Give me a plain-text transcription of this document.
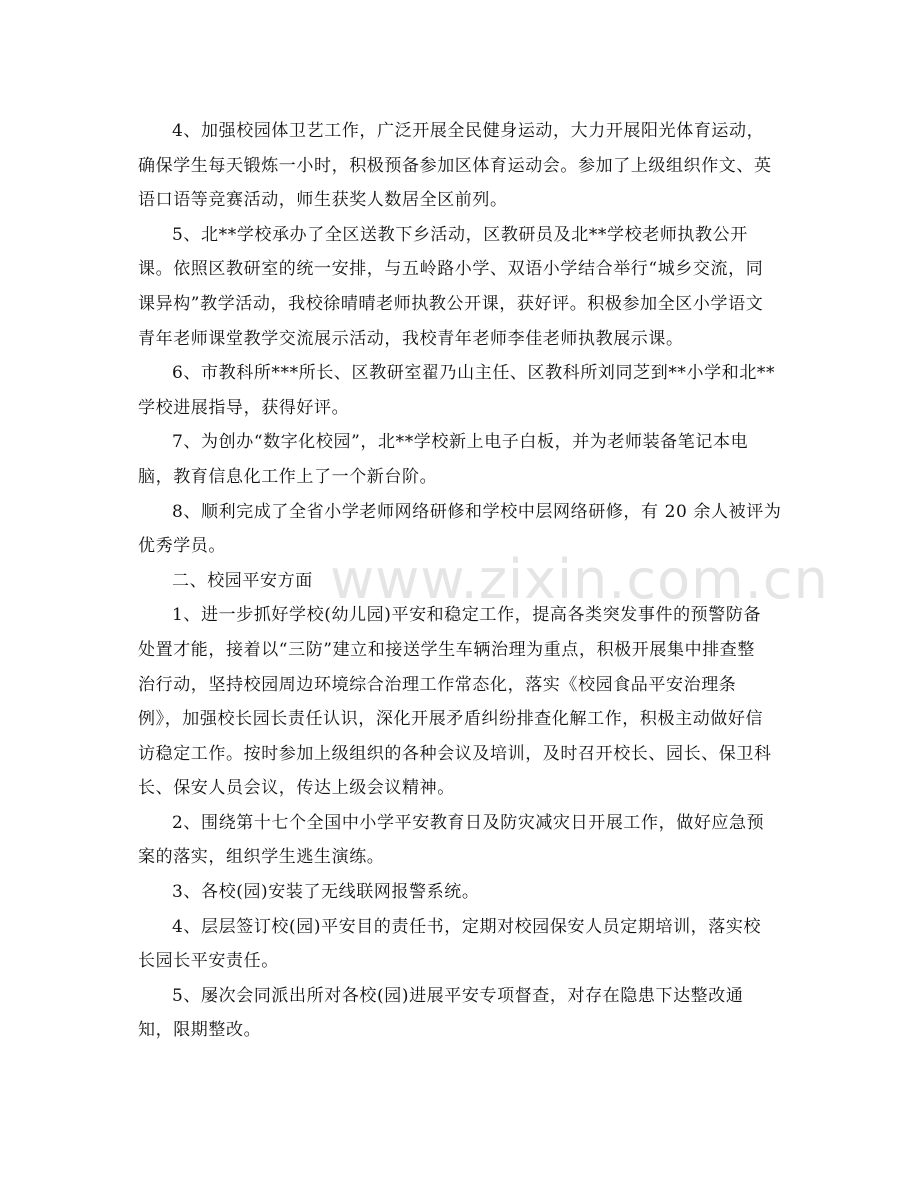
4、加强校园体卫艺工作，广泛开展全民健身运动，大力开展阳光体育运动，
确保学生每天锻炼一小时，积极预备参加区体育运动会。参加了上级组织作文、英
语口语等竞赛活动，师生获奖人数居全区前列。

5、北**学校承办了全区送教下乡活动，区教研员及北**学校老师执教公开
课。依照区教研室的统一安排，与五岭路小学、双语小学结合举行“城乡交流，同
课异构”教学活动，我校徐晴晴老师执教公开课，获好评。积极参加全区小学语文
青年老师课堂教学交流展示活动，我校青年老师李佳老师执教展示课。

6、市教科所***所长、区教研室翟乃山主任、区教科所刘同芝到**小学和北**
学校进展指导，获得好评。

7、为创办“数字化校园”，北**学校新上电子白板，并为老师装备笔记本电
脑，教育信息化工作上了一个新台阶。

8、顺利完成了全省小学老师网络研修和学校中层网络研修，有 20 余人被评为
优秀学员。

二、校园平安方面

1、进一步抓好学校(幼儿园)平安和稳定工作，提高各类突发事件的预警防备
处置才能，接着以“三防”建立和接送学生车辆治理为重点，积极开展集中排查整
治行动，坚持校园周边环境综合治理工作常态化，落实《校园食品平安治理条
例》，加强校长园长责任认识，深化开展矛盾纠纷排查化解工作，积极主动做好信
访稳定工作。按时参加上级组织的各种会议及培训，及时召开校长、园长、保卫科
长、保安人员会议，传达上级会议精神。

2、围绕第十七个全国中小学平安教育日及防灾减灾日开展工作，做好应急预
案的落实，组织学生逃生演练。

3、各校(园)安装了无线联网报警系统。

4、层层签订校(园)平安目的责任书，定期对校园保安人员定期培训，落实校
长园长平安责任。

5、屡次会同派出所对各校(园)进展平安专项督查，对存在隐患下达整改通
知，限期整改。

www.zixin.com.cn
